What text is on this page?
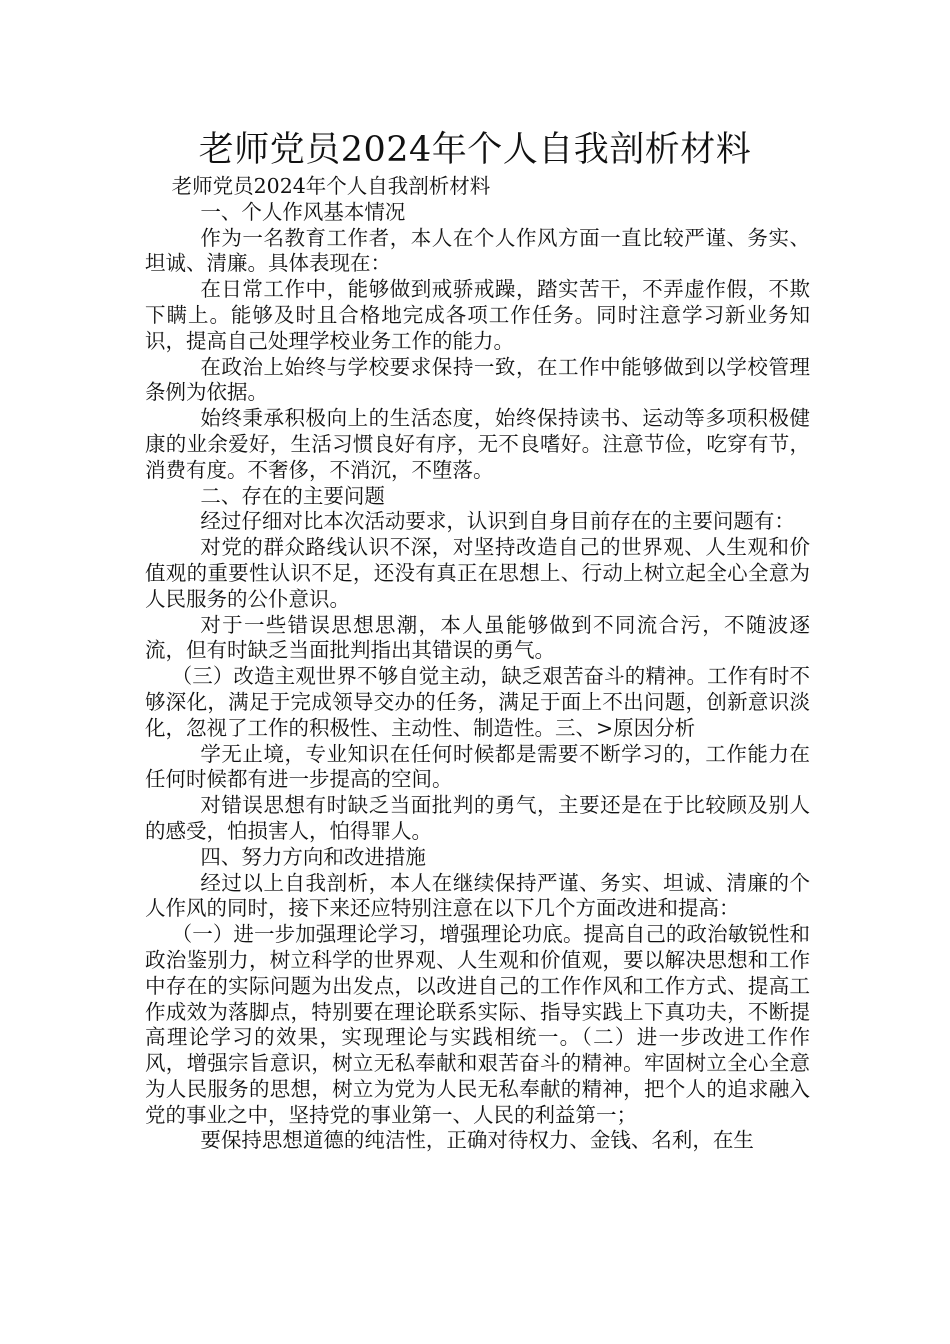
老师党员2024年个人自我剖析材料

老师党员2024年个人自我剖析材料

一、个人作风基本情况

作为一名教育工作者，本人在个人作风方面一直比较严谨、务实、坦诚、清廉。具体表现在：

在日常工作中，能够做到戒骄戒躁，踏实苦干，不弄虚作假，不欺下瞒上。能够及时且合格地完成各项工作任务。同时注意学习新业务知识，提高自己处理学校业务工作的能力。

在政治上始终与学校要求保持一致，在工作中能够做到以学校管理条例为依据。

始终秉承积极向上的生活态度，始终保持读书、运动等多项积极健康的业余爱好，生活习惯良好有序，无不良嗜好。注意节俭，吃穿有节，消费有度。不奢侈，不消沉，不堕落。

二、存在的主要问题

经过仔细对比本次活动要求，认识到自身目前存在的主要问题有：

对党的群众路线认识不深，对坚持改造自己的世界观、人生观和价值观的重要性认识不足，还没有真正在思想上、行动上树立起全心全意为人民服务的公仆意识。

对于一些错误思想思潮，本人虽能够做到不同流合污，不随波逐流，但有时缺乏当面批判指出其错误的勇气。

（三）改造主观世界不够自觉主动，缺乏艰苦奋斗的精神。工作有时不够深化，满足于完成领导交办的任务，满足于面上不出问题，创新意识淡化，忽视了工作的积极性、主动性、制造性。三、>原因分析

学无止境，专业知识在任何时候都是需要不断学习的，工作能力在任何时候都有进一步提高的空间。

对错误思想有时缺乏当面批判的勇气，主要还是在于比较顾及别人的感受，怕损害人，怕得罪人。

四、努力方向和改进措施

经过以上自我剖析，本人在继续保持严谨、务实、坦诚、清廉的个人作风的同时，接下来还应特别注意在以下几个方面改进和提高：

（一）进一步加强理论学习，增强理论功底。提高自己的政治敏锐性和政治鉴别力，树立科学的世界观、人生观和价值观，要以解决思想和工作中存在的实际问题为出发点，以改进自己的工作作风和工作方式、提高工作成效为落脚点，特别要在理论联系实际、指导实践上下真功夫，不断提高理论学习的效果，实现理论与实践相统一。（二）进一步改进工作作风，增强宗旨意识，树立无私奉献和艰苦奋斗的精神。牢固树立全心全意为人民服务的思想，树立为党为人民无私奉献的精神，把个人的追求融入党的事业之中，坚持党的事业第一、人民的利益第一；

要保持思想道德的纯洁性，正确对待权力、金钱、名利，在生
